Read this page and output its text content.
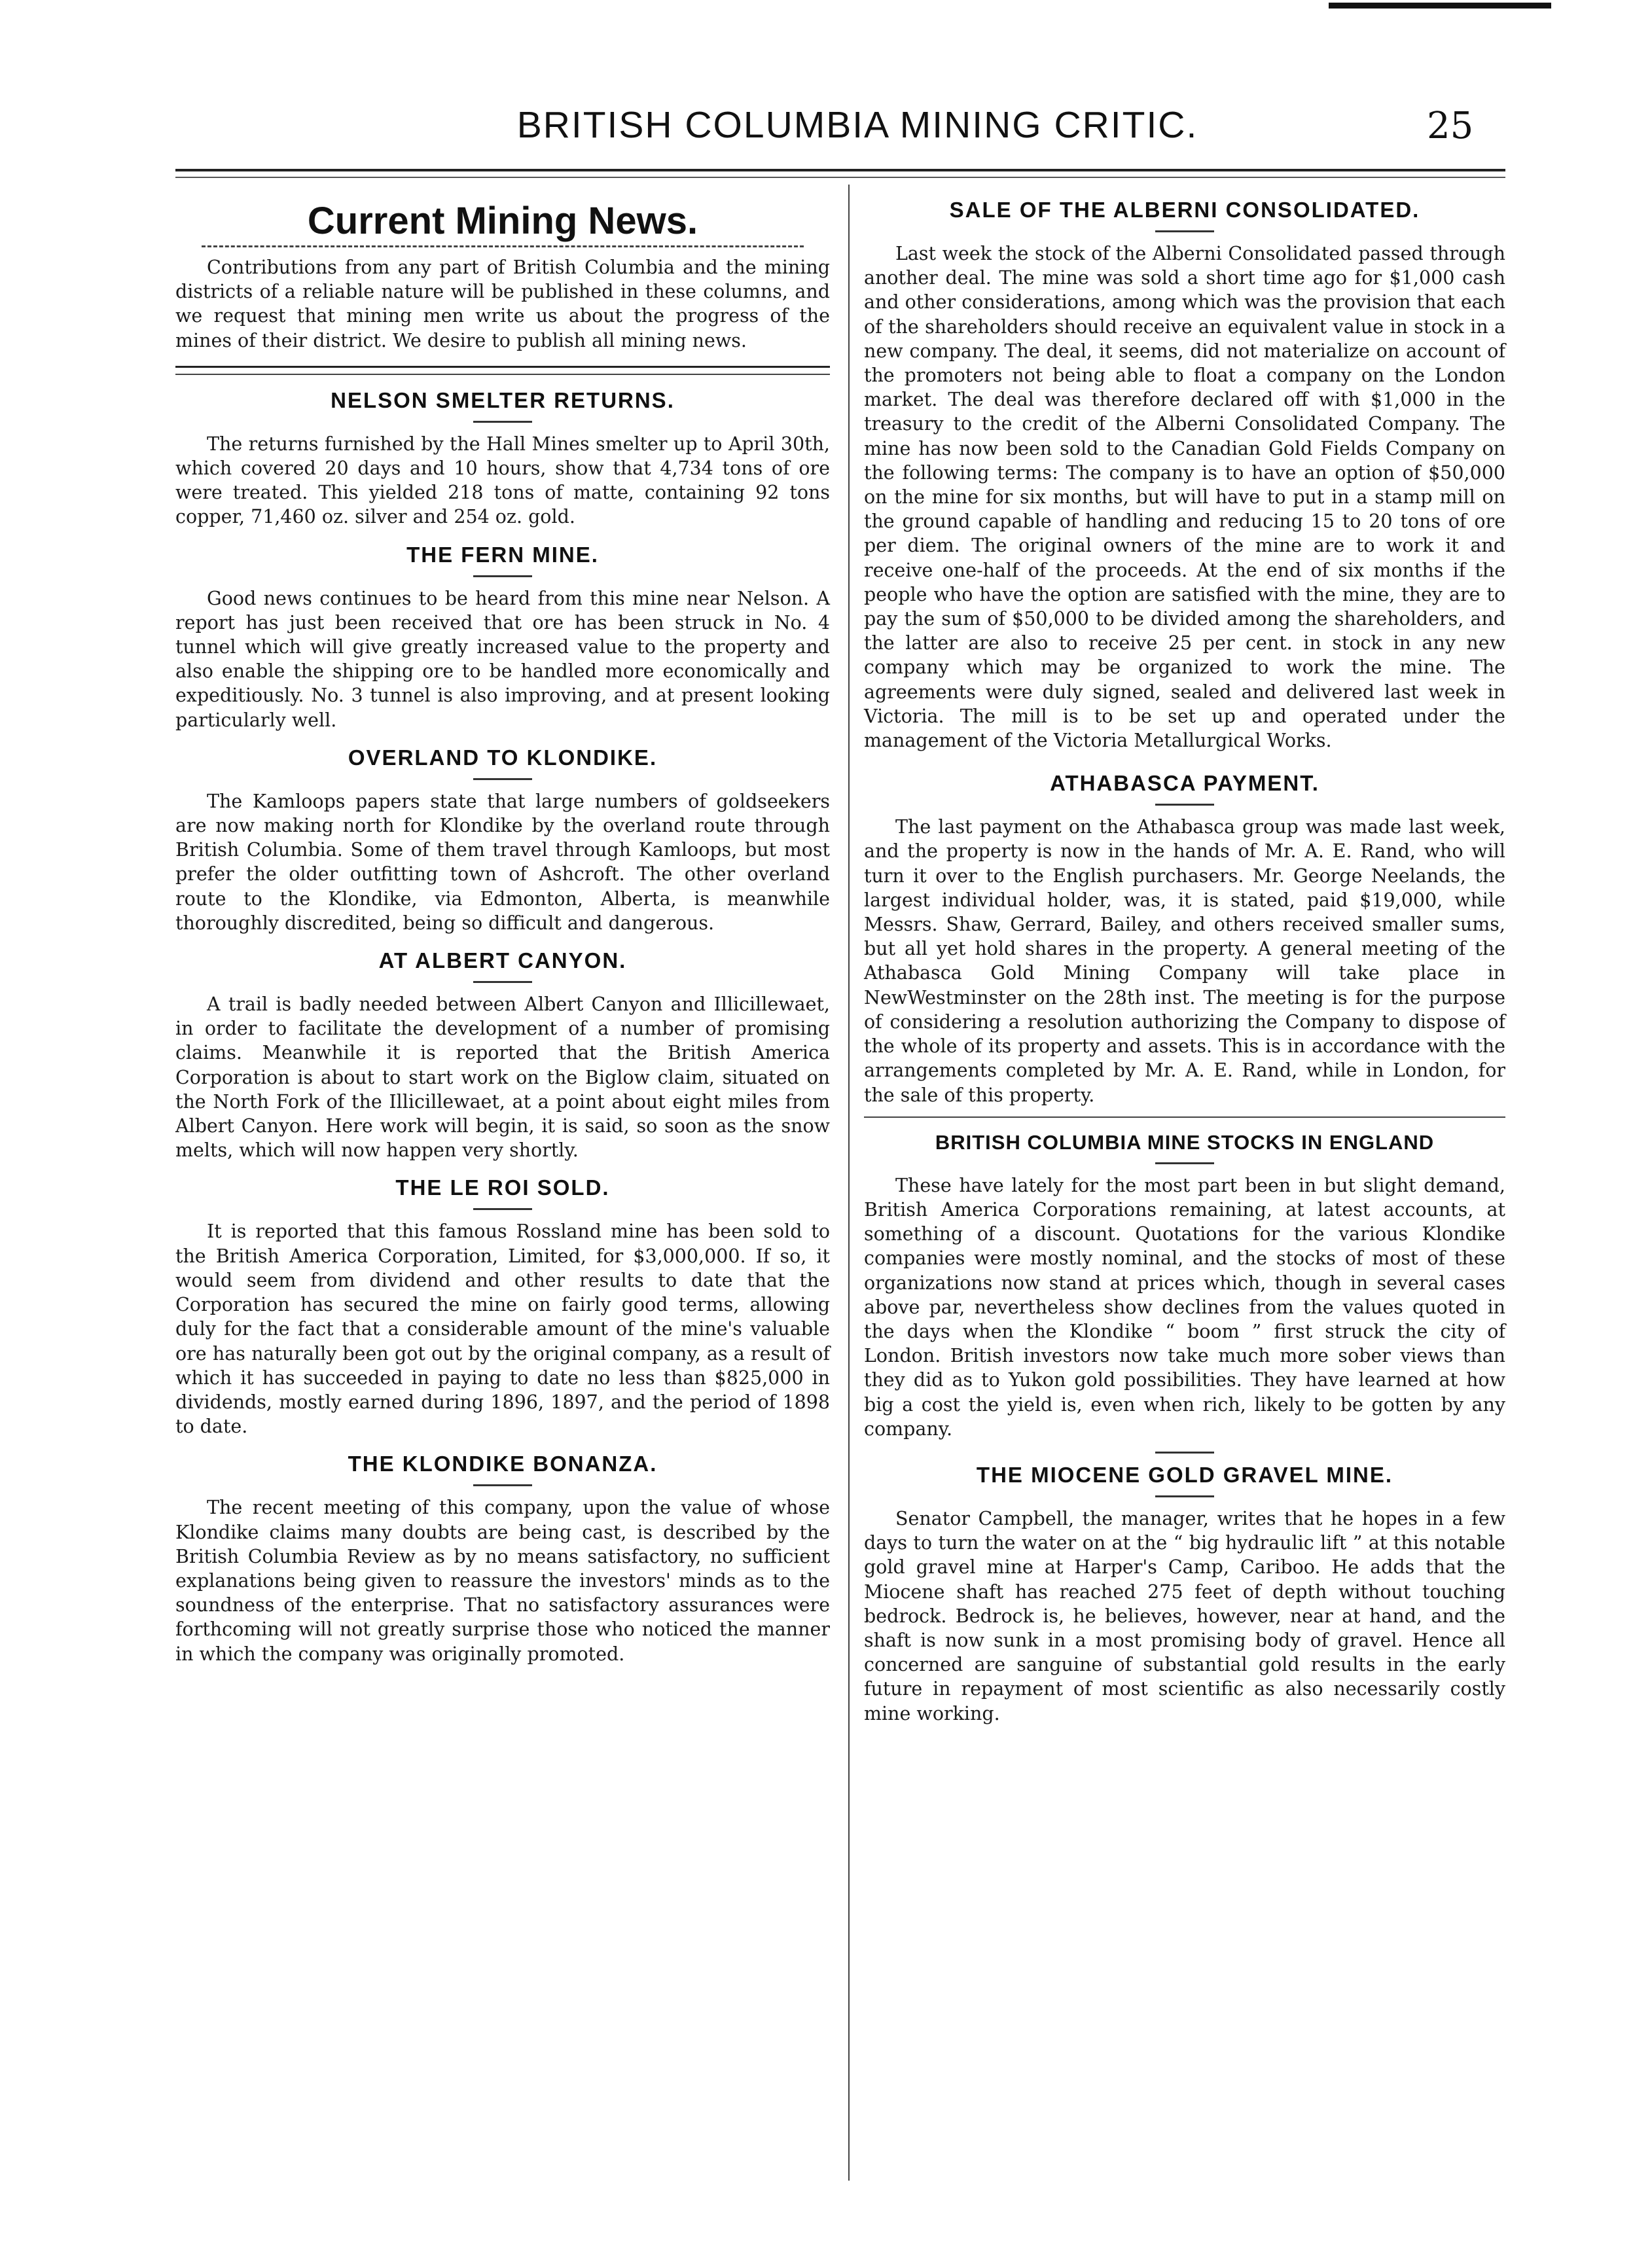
BRITISH COLUMBIA MINING CRITIC.	25
Current Mining News.

Contributions from any part of British Columbia and the mining districts of a reliable nature will be published in these columns, and we request that mining men write us about the progress of the mines of their district. We desire to publish all mining news.

NELSON SMELTER RETURNS.

The returns furnished by the Hall Mines smelter up to April 30th, which covered 20 days and 10 hours, show that 4,734 tons of ore were treated. This yielded 218 tons of matte, containing 92 tons copper, 71,460 oz. silver and 254 oz. gold.

THE FERN MINE.

Good news continues to be heard from this mine near Nelson. A report has just been received that ore has been struck in No. 4 tunnel which will give greatly increased value to the property and also enable the shipping ore to be handled more economically and expeditiously. No. 3 tunnel is also improving, and at present looking particularly well.

OVERLAND TO KLONDIKE.

The Kamloops papers state that large numbers of goldseekers are now making north for Klondike by the overland route through British Columbia. Some of them travel through Kamloops, but most prefer the older outfitting town of Ashcroft. The other overland route to the Klondike, via Edmonton, Alberta, is meanwhile thoroughly discredited, being so difficult and dangerous.

AT ALBERT CANYON.

A trail is badly needed between Albert Canyon and Illicillewaet, in order to facilitate the development of a number of promising claims. Meanwhile it is reported that the British America Corporation is about to start work on the Biglow claim, situated on the North Fork of the Illicillewaet, at a point about eight miles from Albert Canyon. Here work will begin, it is said, so soon as the snow melts, which will now happen very shortly.

THE LE ROI SOLD.

It is reported that this famous Rossland mine has been sold to the British America Corporation, Limited, for $3,000,000. If so, it would seem from dividend and other results to date that the Corporation has secured the mine on fairly good terms, allowing duly for the fact that a considerable amount of the mine's valuable ore has naturally been got out by the original company, as a result of which it has succeeded in paying to date no less than $825,000 in dividends, mostly earned during 1896, 1897, and the period of 1898 to date.

THE KLONDIKE BONANZA.

The recent meeting of this company, upon the value of whose Klondike claims many doubts are being cast, is described by the British Columbia Review as by no means satisfactory, no sufficient explanations being given to reassure the investors' minds as to the soundness of the enterprise. That no satisfactory assurances were forthcoming will not greatly surprise those who noticed the manner in which the company was originally promoted.

SALE OF THE ALBERNI CONSOLIDATED.

Last week the stock of the Alberni Consolidated passed through another deal. The mine was sold a short time ago for $1,000 cash and other considerations, among which was the provision that each of the shareholders should receive an equivalent value in stock in a new company. The deal, it seems, did not materialize on account of the promoters not being able to float a company on the London market. The deal was therefore declared off with $1,000 in the treasury to the credit of the Alberni Consolidated Company. The mine has now been sold to the Canadian Gold Fields Company on the following terms: The company is to have an option of $50,000 on the mine for six months, but will have to put in a stamp mill on the ground capable of handling and reducing 15 to 20 tons of ore per diem. The original owners of the mine are to work it and receive one-half of the proceeds. At the end of six months if the people who have the option are satisfied with the mine, they are to pay the sum of $50,000 to be divided among the shareholders, and the latter are also to receive 25 per cent. in stock in any new company which may be organized to work the mine. The agreements were duly signed, sealed and delivered last week in Victoria. The mill is to be set up and operated under the management of the Victoria Metallurgical Works.

ATHABASCA PAYMENT.

The last payment on the Athabasca group was made last week, and the property is now in the hands of Mr. A. E. Rand, who will turn it over to the English purchasers. Mr. George Neelands, the largest individual holder, was, it is stated, paid $19,000, while Messrs. Shaw, Gerrard, Bailey, and others received smaller sums, but all yet hold shares in the property. A general meeting of the Athabasca Gold Mining Company will take place in NewWestminster on the 28th inst. The meeting is for the purpose of considering a resolution authorizing the Company to dispose of the whole of its property and assets. This is in accordance with the arrangements completed by Mr. A. E. Rand, while in London, for the sale of this property.

BRITISH COLUMBIA MINE STOCKS IN ENGLAND

These have lately for the most part been in but slight demand, British America Corporations remaining, at latest accounts, at something of a discount. Quotations for the various Klondike companies were mostly nominal, and the stocks of most of these organizations now stand at prices which, though in several cases above par, nevertheless show declines from the values quoted in the days when the Klondike “ boom ” first struck the city of London. British investors now take much more sober views than they did as to Yukon gold possibilities. They have learned at how big a cost the yield is, even when rich, likely to be gotten by any company.

THE MIOCENE GOLD GRAVEL MINE.

Senator Campbell, the manager, writes that he hopes in a few days to turn the water on at the “ big hydraulic lift ” at this notable gold gravel mine at Harper's Camp, Cariboo. He adds that the Miocene shaft has reached 275 feet of depth without touching bedrock. Bedrock is, he believes, however, near at hand, and the shaft is now sunk in a most promising body of gravel. Hence all concerned are sanguine of substantial gold results in the early future in repayment of most scientific as also necessarily costly mine working.
